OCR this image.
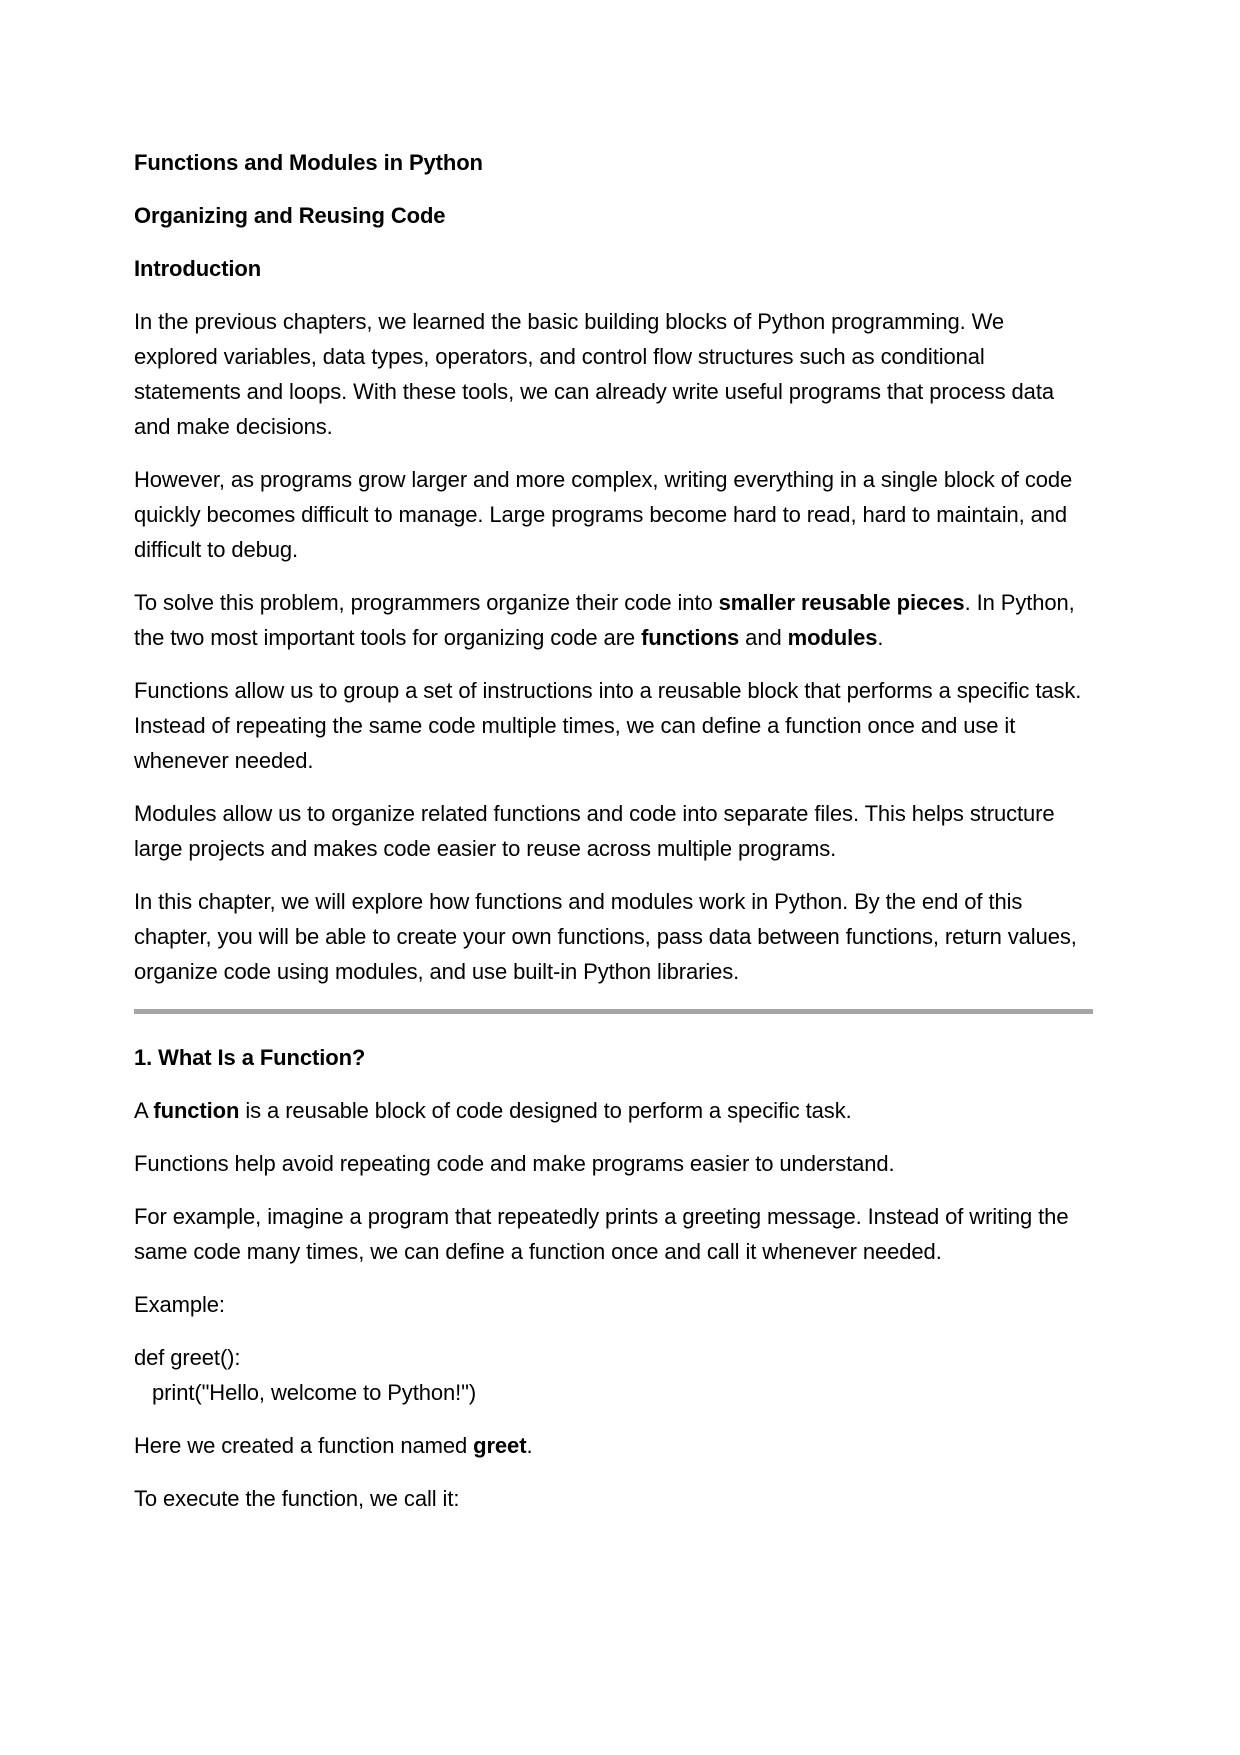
Functions and Modules in Python

Organizing and Reusing Code

Introduction

In the previous chapters, we learned the basic building blocks of Python programming. We explored variables, data types, operators, and control flow structures such as conditional statements and loops. With these tools, we can already write useful programs that process data and make decisions.

However, as programs grow larger and more complex, writing everything in a single block of code quickly becomes difficult to manage. Large programs become hard to read, hard to maintain, and difficult to debug.

To solve this problem, programmers organize their code into smaller reusable pieces. In Python, the two most important tools for organizing code are functions and modules.

Functions allow us to group a set of instructions into a reusable block that performs a specific task. Instead of repeating the same code multiple times, we can define a function once and use it whenever needed.

Modules allow us to organize related functions and code into separate files. This helps structure large projects and makes code easier to reuse across multiple programs.

In this chapter, we will explore how functions and modules work in Python. By the end of this chapter, you will be able to create your own functions, pass data between functions, return values, organize code using modules, and use built-in Python libraries.

1. What Is a Function?

A function is a reusable block of code designed to perform a specific task.

Functions help avoid repeating code and make programs easier to understand.

For example, imagine a program that repeatedly prints a greeting message. Instead of writing the same code many times, we can define a function once and call it whenever needed.

Example:

def greet():
print("Hello, welcome to Python!")

Here we created a function named greet.

To execute the function, we call it:
